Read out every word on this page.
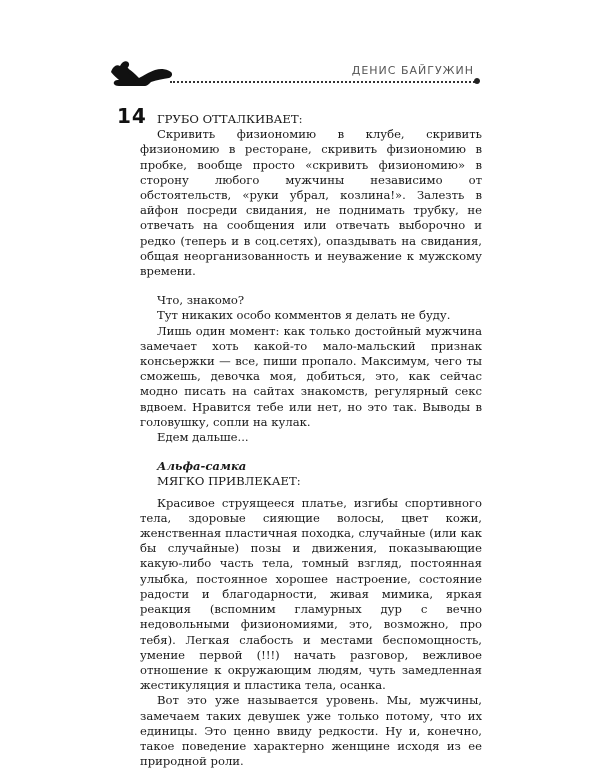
ДЕНИС БАЙГУЖИН
14 ГРУБО ОТТАЛКИВАЕТ:

Скривить физиономию в клубе, скривить физиономию в ресторане, скривить физиономию в пробке, вообще просто «скривить физиономию» в сторону любого мужчины независимо от обстоятельств, «руки убрал, козлина!». Залезть в айфон посреди свидания, не поднимать трубку, не отвечать на сообщения или отвечать выборочно и редко (теперь и в соц.сетях), опаздывать на свидания, общая неорганизованность и неуважение к мужскому времени.

Что, знакомо?

Тут никаких особо комментов я делать не буду.

Лишь один момент: как только достойный мужчина замечает хоть какой-то мало-мальский признак консьержки — все, пиши пропало. Максимум, чего ты сможешь, девочка моя, добиться, это, как сейчас модно писать на сайтах знакомств, регулярный секс вдвоем. Нравится тебе или нет, но это так. Выводы в головушку, сопли на кулак.

Едем дальше...

Альфа-самка

МЯГКО ПРИВЛЕКАЕТ:

Красивое струящееся платье, изгибы спортивного тела, здоровые сияющие волосы, цвет кожи, женственная пластичная походка, случайные (или как бы случайные) позы и движения, показывающие какую-либо часть тела, томный взгляд, постоянная улыбка, постоянное хорошее настроение, состояние радости и благодарности, живая мимика, яркая реакция (вспомним гламурных дур с вечно недовольными физиономиями, это, возможно, про тебя). Легкая слабость и местами беспомощность, умение первой (!!!) начать разговор, вежливое отношение к окружающим людям, чуть замедленная жестикуляция и пластика тела, осанка.

Вот это уже называется уровень. Мы, мужчины, замечаем таких девушек уже только потому, что их единицы. Это ценно ввиду редкости. Ну и, конечно, такое поведение характерно женщине исходя из ее природной роли.
